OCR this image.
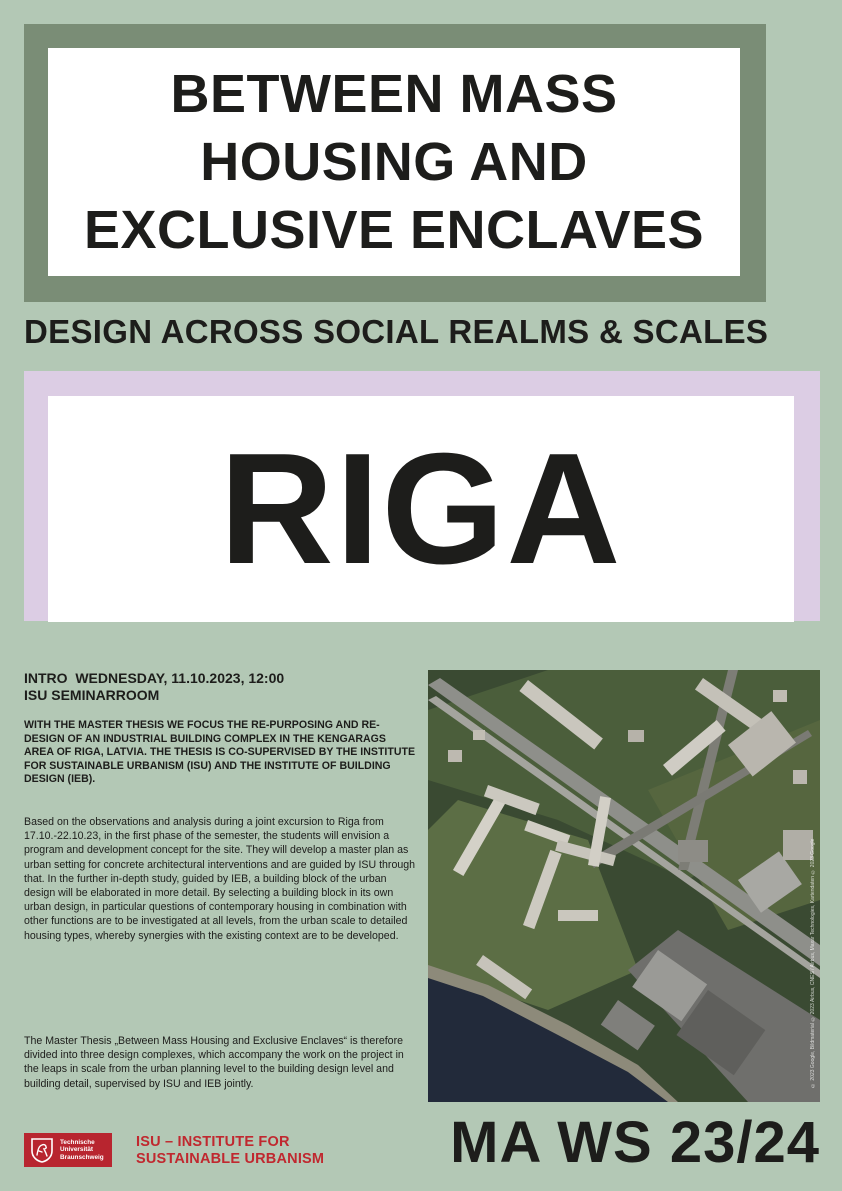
BETWEEN MASS
HOUSING AND
EXCLUSIVE ENCLAVES
DESIGN ACROSS SOCIAL REALMS & SCALES
RIGA
INTRO  WEDNESDAY, 11.10.2023, 12:00
ISU SEMINARROOM
WITH THE MASTER THESIS WE FOCUS THE RE-PURPOSING AND RE-DESIGN OF AN INDUSTRIAL BUILDING COMPLEX IN THE KENGARAGS AREA OF RIGA, LATVIA. THE THESIS IS CO-SUPERVISED BY THE INSTITUTE FOR SUSTAINABLE URBANISM (ISU) AND THE INSTITUTE OF BUILDING DESIGN (IEB).
Based on the observations and analysis during a joint excursion to Riga from 17.10.-22.10.23, in the first phase of the semester, the students will envision a program and development concept for the site. They will develop a master plan as urban setting for concrete architectural interventions and are guided by ISU through that. In the further in-depth study, guided by IEB, a building block of the urban design will be elaborated in more detail. By selecting a building block in its own urban design, in particular questions of contemporary housing in combination with other functions are to be investigated at all levels, from the urban scale to detailed housing types, whereby synergies with the existing context are to be developed.
The Master Thesis „Between Mass Housing and Exclusive Enclaves“ is therefore divided into three design complexes, which accompany the work on the project in the leaps in scale from the urban planning level to the building design level and building detail, supervised by ISU and IEB jointly.	© 2023 Google, Bildmaterial © 2023 Airbus, CNES / Airbus, Maxar Technologies, Kartendaten © 2023 Google
Technische
Universität
Braunschweig
ISU – INSTITUTE FOR
SUSTAINABLE URBANISM MA WS 23/24
